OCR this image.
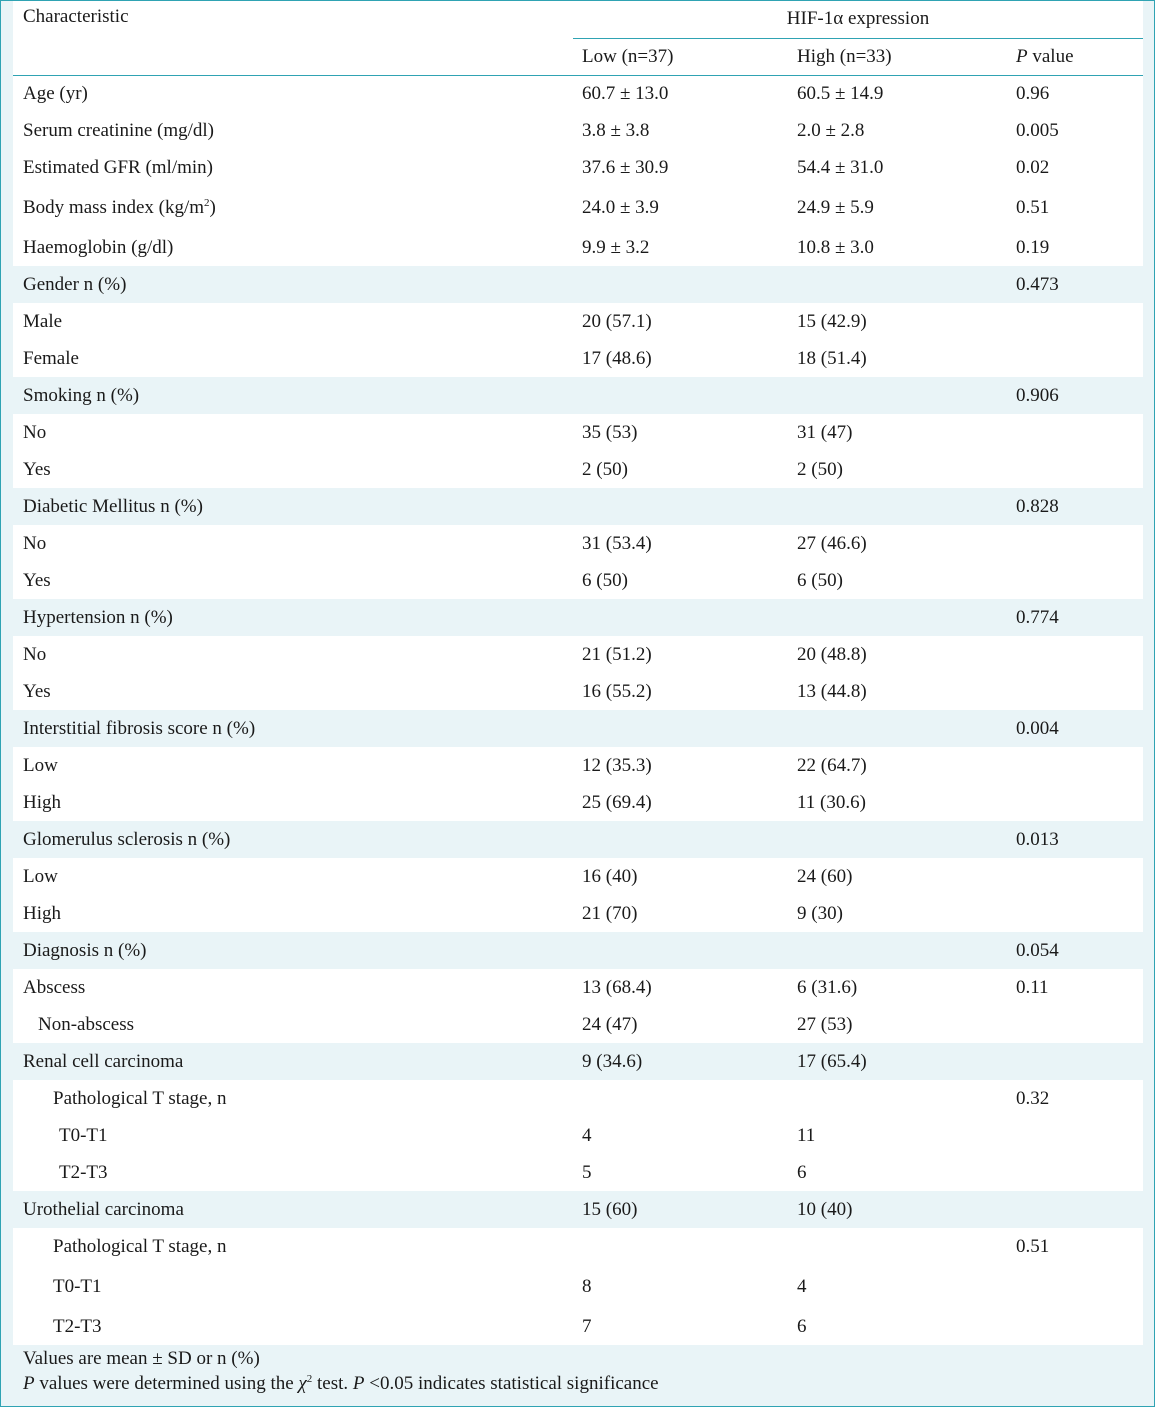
Characteristic	HIF-1α expression		
	Low (n=37)	High (n=33)	P value
Age (yr)	60.7 ± 13.0	60.5 ± 14.9	0.96
Serum creatinine (mg/dl)	3.8 ± 3.8	2.0 ± 2.8	0.005
Estimated GFR (ml/min)	37.6 ± 30.9	54.4 ± 31.0	0.02
Body mass index $(kg/m^2)$	24.0 ± 3.9	24.9 ± 5.9	0.51
Haemoglobin (g/dl)	9.9 ± 3.2	10.8 ± 3.0	0.19
Gender n (%)			0.473
Male	20 (57.1)	15 (42.9)	
Female	17 (48.6)	18 (51.4)	
Smoking n (%)			0.906
No	35 (53)	31 (47)	
Yes	2 (50)	2 (50)	
Diabetic Mellitus n (%)			0.828
No	31 (53.4)	27 (46.6)	
Yes	6 (50)	6 (50)	
Hypertension n (%)			0.774
No	21 (51.2)	20 (48.8)	
Yes	16 (55.2)	13 (44.8)	
Interstitial fibrosis score n (%)			0.004
Low	12 (35.3)	22 (64.7)	
High	25 (69.4)	11 (30.6)	
Glomerulus sclerosis n (%)			0.013
Low	16 (40)	24 (60)	
High	21 (70)	9 (30)	
Diagnosis n (%)			0.054
Abscess	13 (68.4)	6 (31.6)	0.11
Non-abscess	24 (47)	27 (53)	
Renal cell carcinoma	9 (34.6)	17 (65.4)	
Pathological T stage, n			0.32
T0-T1	4	11	
T2-T3	5	6	
Urothelial carcinoma	15 (60)	10 (40)	
Pathological T stage, n			0.51
T0-T1	8	4	
T2-T3	7	6	
Values are mean ± SD or n (%)
P values were determined using the $\chi^2$ test. P <0.05 indicates statistical significance
